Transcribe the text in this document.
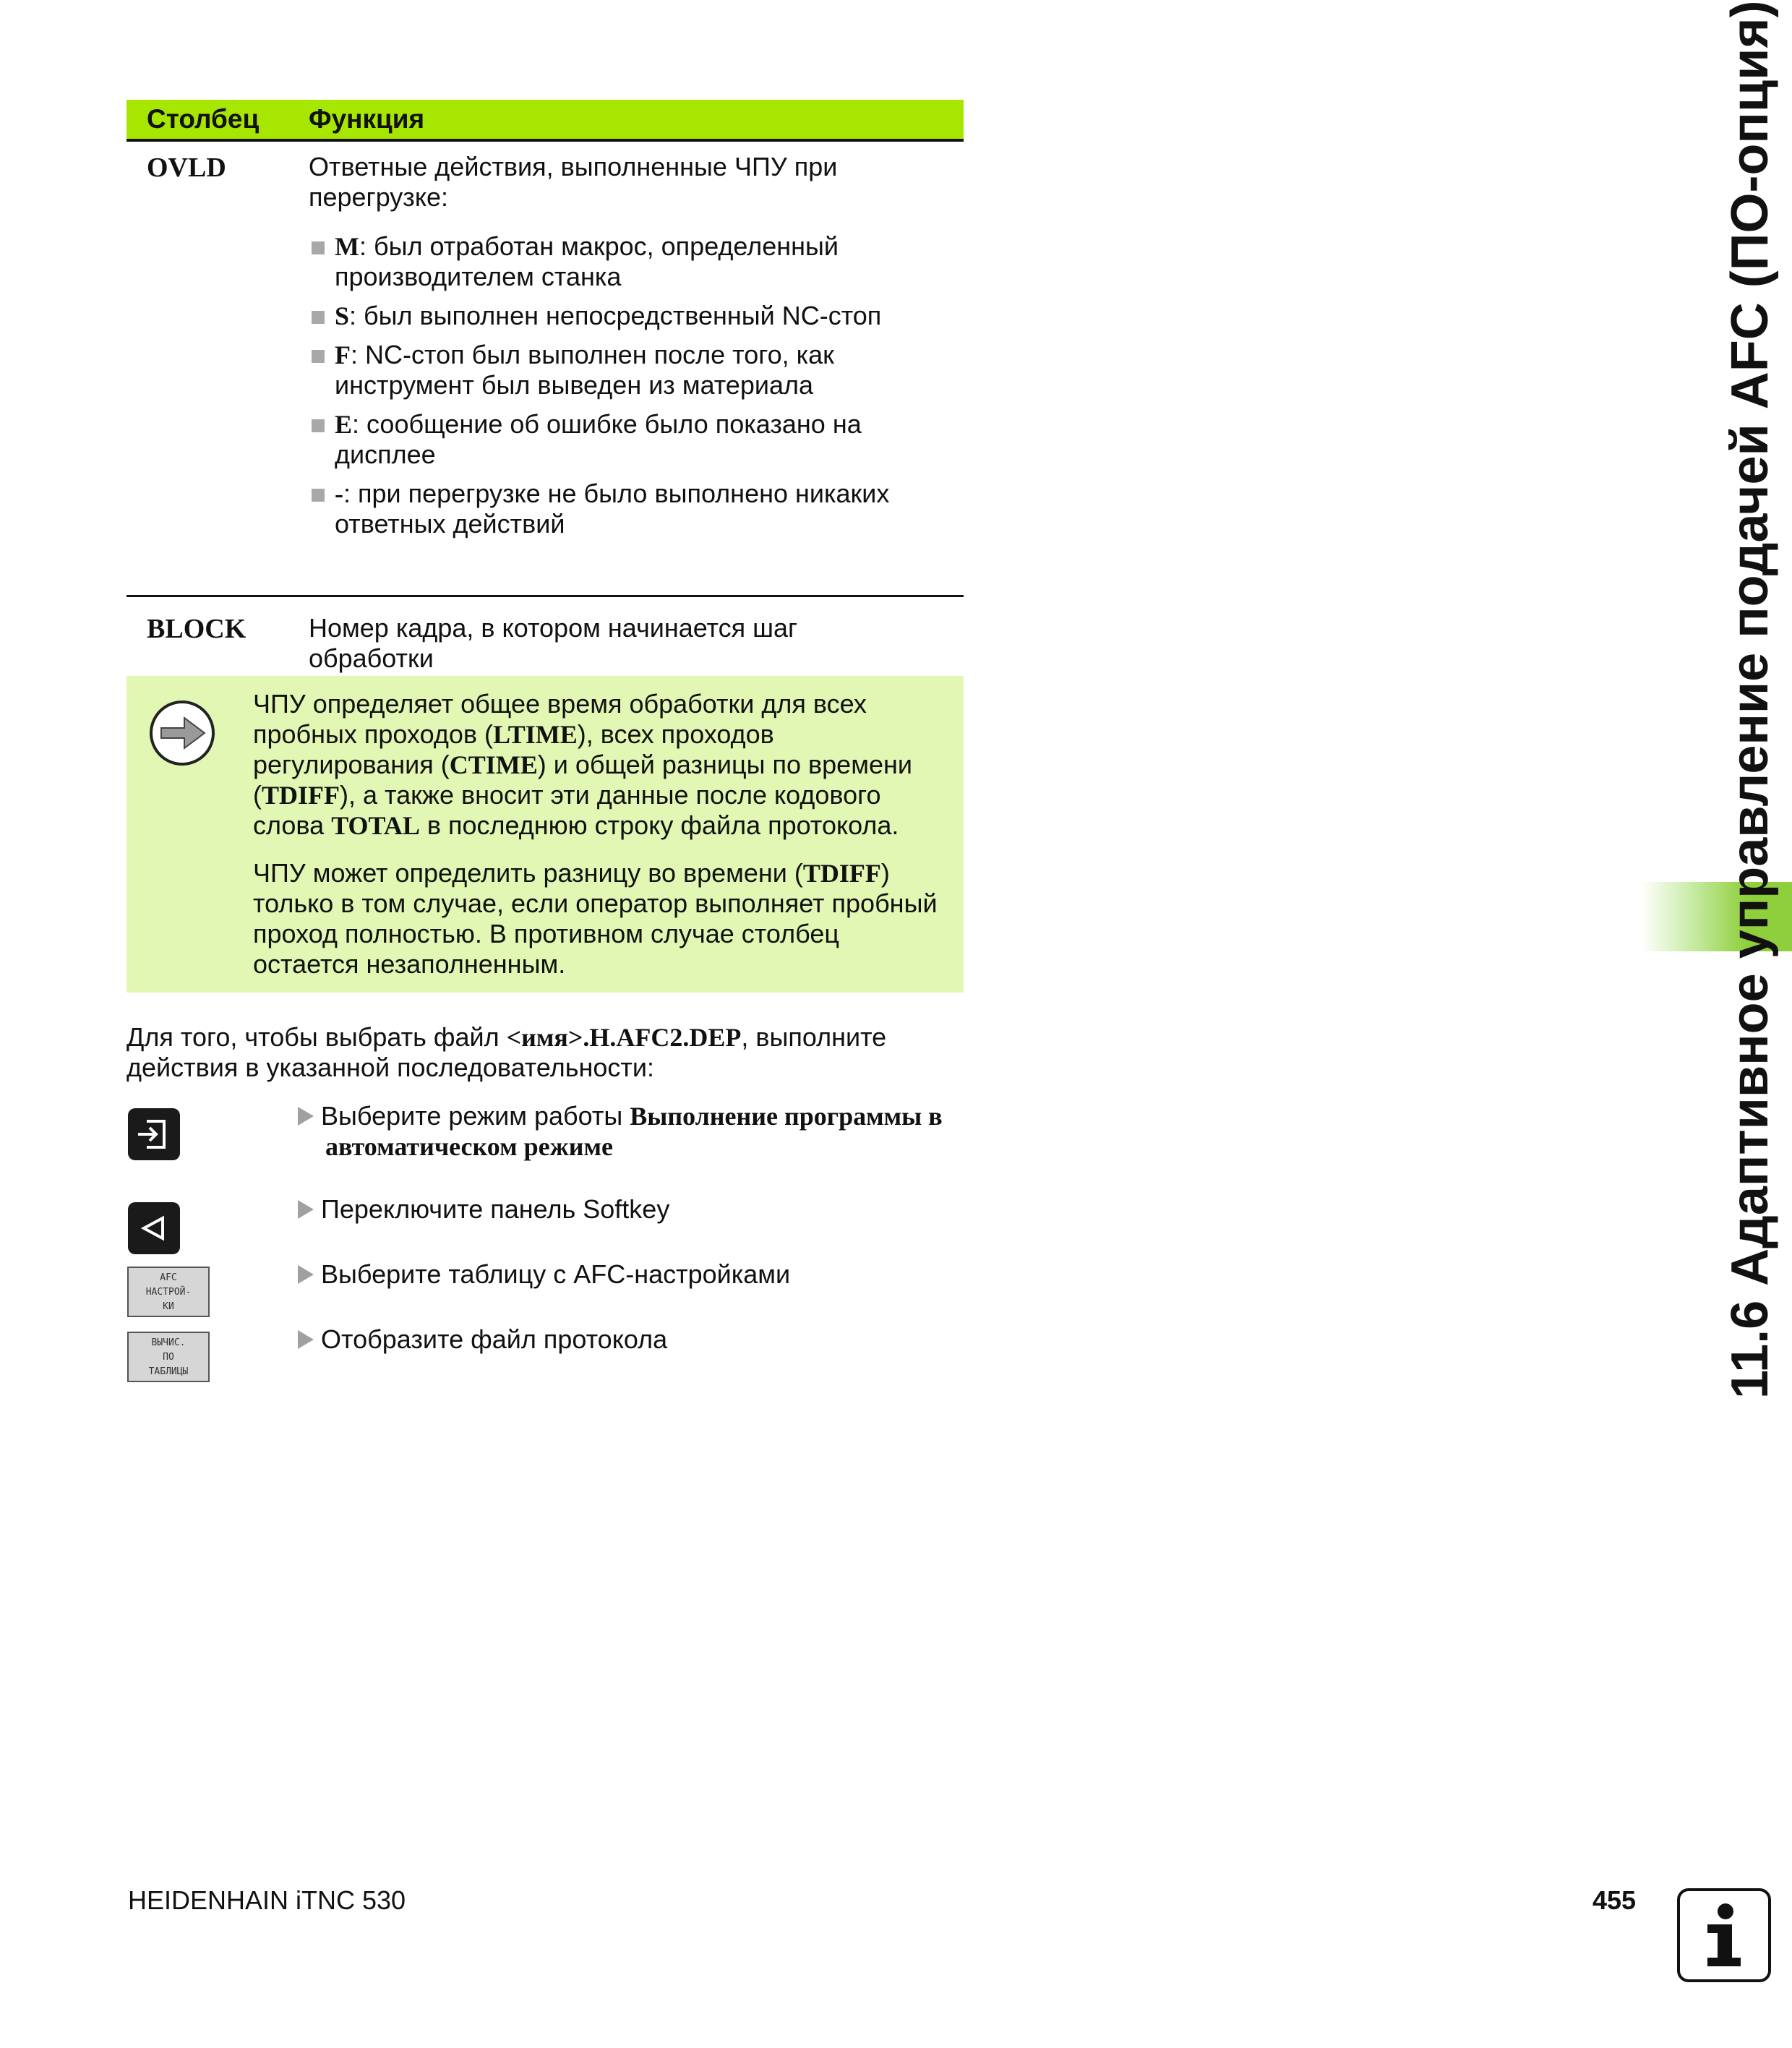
Столбец	Функция
OVLD	Ответные действия, выполненные ЧПУ при перегрузке:

M: был отработан макрос, определенный
производителем станка
S: был выполнен непосредственный NC-стоп
F: NC-стоп был выполнен после того, как
инструмент был выведен из материала
E: сообщение об ошибке было показано на
дисплее
-: при перегрузке не было выполнено никаких
ответных действий
BLOCK	Номер кадра, в котором начинается шаг
обработки

ЧПУ определяет общее время обработки для всех пробных проходов (LTIME), всех проходов регулирования (CTIME) и общей разницы по времени (TDIFF), а также вносит эти данные после кодового слова TOTAL в последнюю строку файла протокола.

ЧПУ может определить разницу во времени (TDIFF) только в том случае, если оператор выполняет пробный проход полностью. В противном случае столбец остается незаполненным.

Для того, чтобы выбрать файл <имя>.H.AFC2.DEP, выполните действия в указанной последовательности:

AFC
НАСТРОЙ-
КИ
ВЫЧИС.
ПО
ТАБЛИЦЫ
Выберите режим работы Выполнение программы в
автоматическом режиме
Переключите панель Softkey
Выберите таблицу с AFC-настройками
Отобразите файл протокола	11.6 Адаптивное управление подачей AFC (ПО-опция)
HEIDENHAIN iTNC 530	455
